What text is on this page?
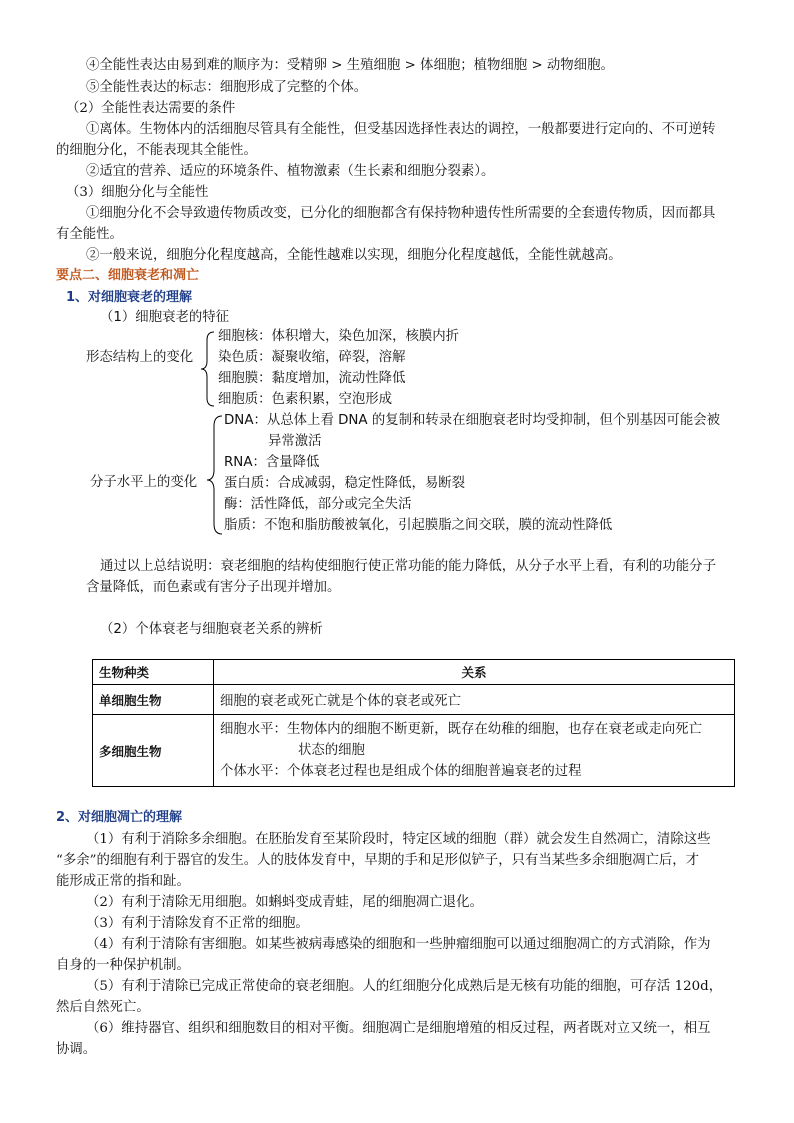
④全能性表达由易到难的顺序为：受精卵 > 生殖细胞 > 体细胞；植物细胞 > 动物细胞。
⑤全能性表达的标志：细胞形成了完整的个体。
（2）全能性表达需要的条件
①离体。生物体内的活细胞尽管具有全能性，但受基因选择性表达的调控，一般都要进行定向的、不可逆转
的细胞分化，不能表现其全能性。
②适宜的营养、适应的环境条件、植物激素（生长素和细胞分裂素）。
（3）细胞分化与全能性
①细胞分化不会导致遗传物质改变，已分化的细胞都含有保持物种遗传性所需要的全套遗传物质，因而都具
有全能性。
②一般来说，细胞分化程度越高，全能性越难以实现，细胞分化程度越低，全能性就越高。
要点二、细胞衰老和凋亡
1、对细胞衰老的理解
（1）细胞衰老的特征
形态结构上的变化
细胞核：体积增大，染色加深，核膜内折
染色质：凝聚收缩，碎裂，溶解
细胞膜：黏度增加，流动性降低
细胞质：色素积累，空泡形成
分子水平上的变化
DNA：从总体上看 DNA 的复制和转录在细胞衰老时均受抑制，但个别基因可能会被
异常激活
RNA：含量降低
蛋白质：合成减弱，稳定性降低，易断裂
酶：活性降低，部分或完全失活
脂质：不饱和脂肪酸被氧化，引起膜脂之间交联，膜的流动性降低
通过以上总结说明：衰老细胞的结构使细胞行使正常功能的能力降低，从分子水平上看，有利的功能分子
含量降低，而色素或有害分子出现并增加。
（2）个体衰老与细胞衰老关系的辨析
生物种类	关系
单细胞生物	细胞的衰老或死亡就是个体的衰老或死亡
多细胞生物	细胞水平：生物体内的细胞不断更新，既存在幼稚的细胞，也存在衰老或走向死亡
状态的细胞
个体水平：个体衰老过程也是组成个体的细胞普遍衰老的过程
2、对细胞凋亡的理解
（1）有利于消除多余细胞。在胚胎发育至某阶段时，特定区域的细胞（群）就会发生自然凋亡，清除这些
“多余”的细胞有利于器官的发生。人的肢体发育中，早期的手和足形似铲子，只有当某些多余细胞凋亡后，才
能形成正常的指和趾。
（2）有利于清除无用细胞。如蝌蚪变成青蛙，尾的细胞凋亡退化。
（3）有利于清除发育不正常的细胞。
（4）有利于清除有害细胞。如某些被病毒感染的细胞和一些肿瘤细胞可以通过细胞凋亡的方式消除，作为
自身的一种保护机制。
（5）有利于清除已完成正常使命的衰老细胞。人的红细胞分化成熟后是无核有功能的细胞，可存活 120d，
然后自然死亡。
（6）维持器官、组织和细胞数目的相对平衡。细胞凋亡是细胞增殖的相反过程，两者既对立又统一，相互
协调。
